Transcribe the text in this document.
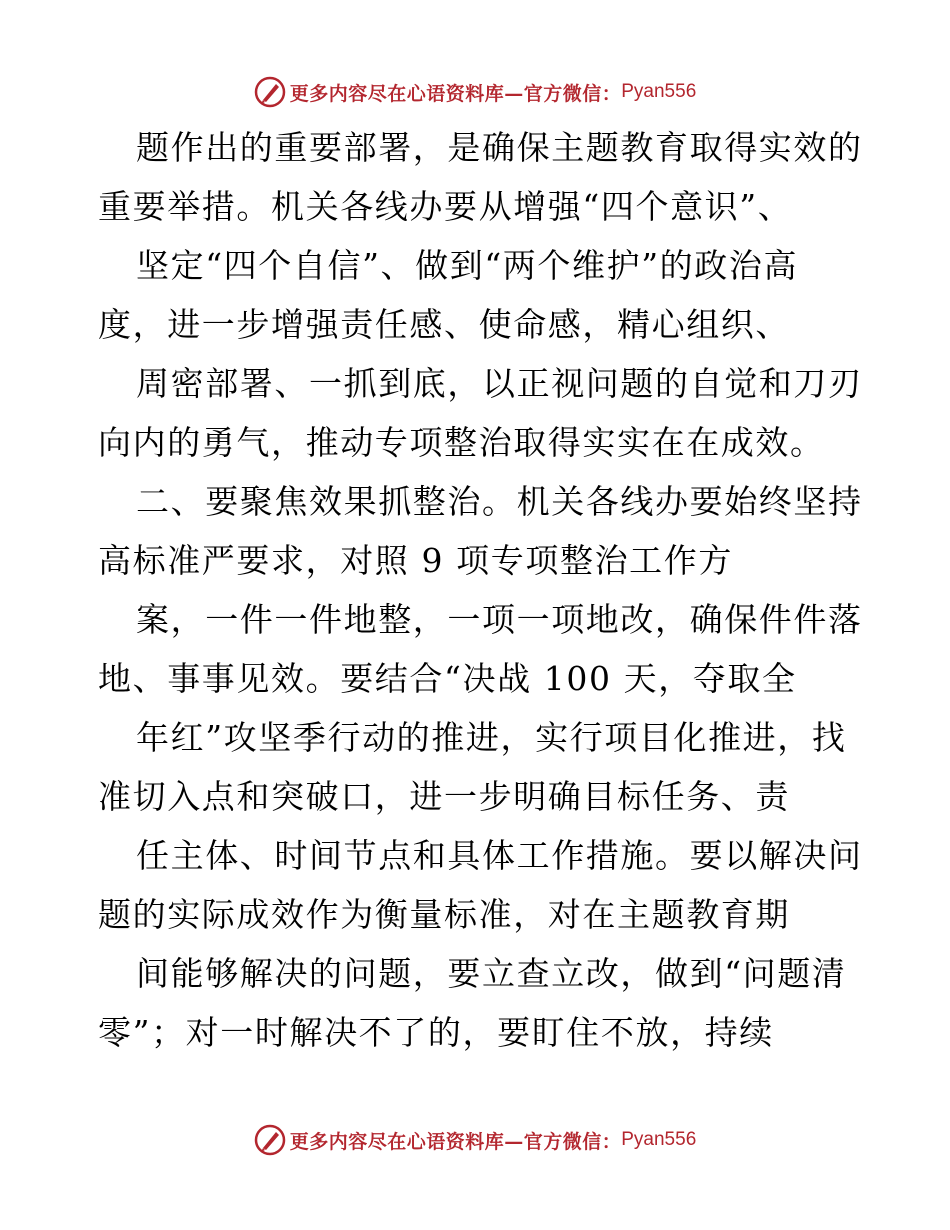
更多内容尽在心语资料库—官方微信： Pyan556
题作出的重要部署，是确保主题教育取得实效的
重要举措。机关各线办要从增强“四个意识”、
坚定“四个自信”、做到“两个维护”的政治高
度，进一步增强责任感、使命感，精心组织、
周密部署、一抓到底，以正视问题的自觉和刀刃
向内的勇气，推动专项整治取得实实在在成效。
二、要聚焦效果抓整治。机关各线办要始终坚持
高标准严要求，对照 9 项专项整治工作方
案，一件一件地整，一项一项地改，确保件件落
地、事事见效。要结合“决战 100 天，夺取全
年红”攻坚季行动的推进，实行项目化推进，找
准切入点和突破口，进一步明确目标任务、责
任主体、时间节点和具体工作措施。要以解决问
题的实际成效作为衡量标准，对在主题教育期
间能够解决的问题，要立查立改，做到“问题清
零”；对一时解决不了的，要盯住不放，持续
更多内容尽在心语资料库—官方微信： Pyan556
